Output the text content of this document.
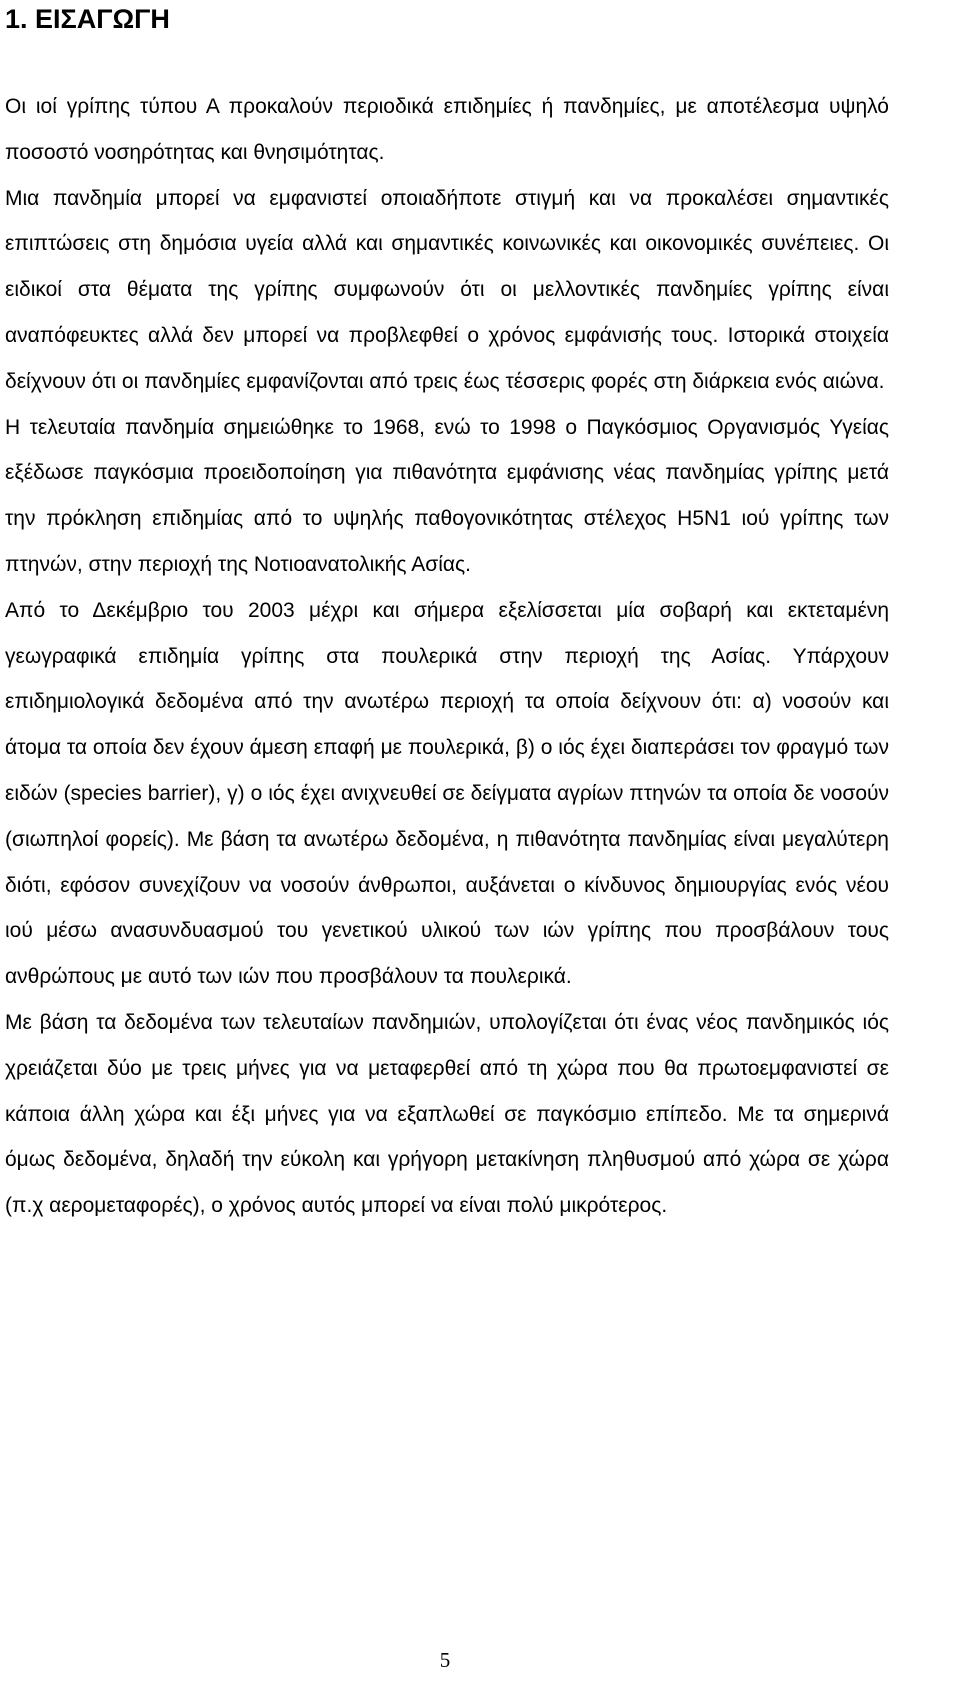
1. ΕΙΣΑΓΩΓΗ

Οι ιοί γρίπης τύπου Α προκαλούν περιοδικά επιδημίες ή πανδημίες, με αποτέλεσμα υψηλό ποσοστό νοσηρότητας και θνησιμότητας.

Μια πανδημία μπορεί να εμφανιστεί οποιαδήποτε στιγμή και να προκαλέσει σημαντικές επιπτώσεις στη δημόσια υγεία αλλά και σημαντικές κοινωνικές και οικονομικές συνέπειες. Οι ειδικοί στα θέματα της γρίπης συμφωνούν ότι οι μελλοντικές πανδημίες γρίπης είναι αναπόφευκτες αλλά δεν μπορεί να προβλεφθεί ο χρόνος εμφάνισής τους. Ιστορικά στοιχεία δείχνουν ότι οι πανδημίες εμφανίζονται από τρεις έως τέσσερις φορές στη διάρκεια ενός αιώνα.

Η τελευταία πανδημία σημειώθηκε το 1968, ενώ το 1998 ο Παγκόσμιος Οργανισμός Υγείας εξέδωσε παγκόσμια προειδοποίηση για πιθανότητα εμφάνισης νέας πανδημίας γρίπης μετά την πρόκληση επιδημίας από το υψηλής παθογονικότητας στέλεχος Η5Ν1 ιού γρίπης των πτηνών, στην περιοχή της Νοτιοανατολικής Ασίας.

Από το Δεκέμβριο του 2003 μέχρι και σήμερα εξελίσσεται μία σοβαρή και εκτεταμένη γεωγραφικά επιδημία γρίπης στα πουλερικά στην περιοχή της Ασίας. Υπάρχουν επιδημιολογικά δεδομένα από την ανωτέρω περιοχή τα οποία δείχνουν ότι: α) νοσούν και άτομα τα οποία δεν έχουν άμεση επαφή με πουλερικά, β) ο ιός έχει διαπεράσει τον φραγμό των ειδών (species barrier), γ) ο ιός έχει ανιχνευθεί σε δείγματα αγρίων πτηνών τα οποία δε νοσούν (σιωπηλοί φορείς). Με βάση τα ανωτέρω δεδομένα, η πιθανότητα πανδημίας είναι μεγαλύτερη διότι, εφόσον συνεχίζουν να νοσούν άνθρωποι, αυξάνεται ο κίνδυνος δημιουργίας ενός νέου ιού μέσω ανασυνδυασμού του γενετικού υλικού των ιών γρίπης που προσβάλουν τους ανθρώπους με αυτό των ιών που προσβάλουν τα πουλερικά.

Με βάση τα δεδομένα των τελευταίων πανδημιών, υπολογίζεται ότι ένας νέος πανδημικός ιός χρειάζεται δύο με τρεις μήνες για να μεταφερθεί από τη χώρα που θα πρωτοεμφανιστεί σε κάποια άλλη χώρα και έξι μήνες για να εξαπλωθεί σε παγκόσμιο επίπεδο. Με τα σημερινά όμως δεδομένα, δηλαδή την εύκολη και γρήγορη μετακίνηση πληθυσμού από χώρα σε χώρα (π.χ αερομεταφορές), ο χρόνος αυτός μπορεί να είναι πολύ μικρότερος.

5
